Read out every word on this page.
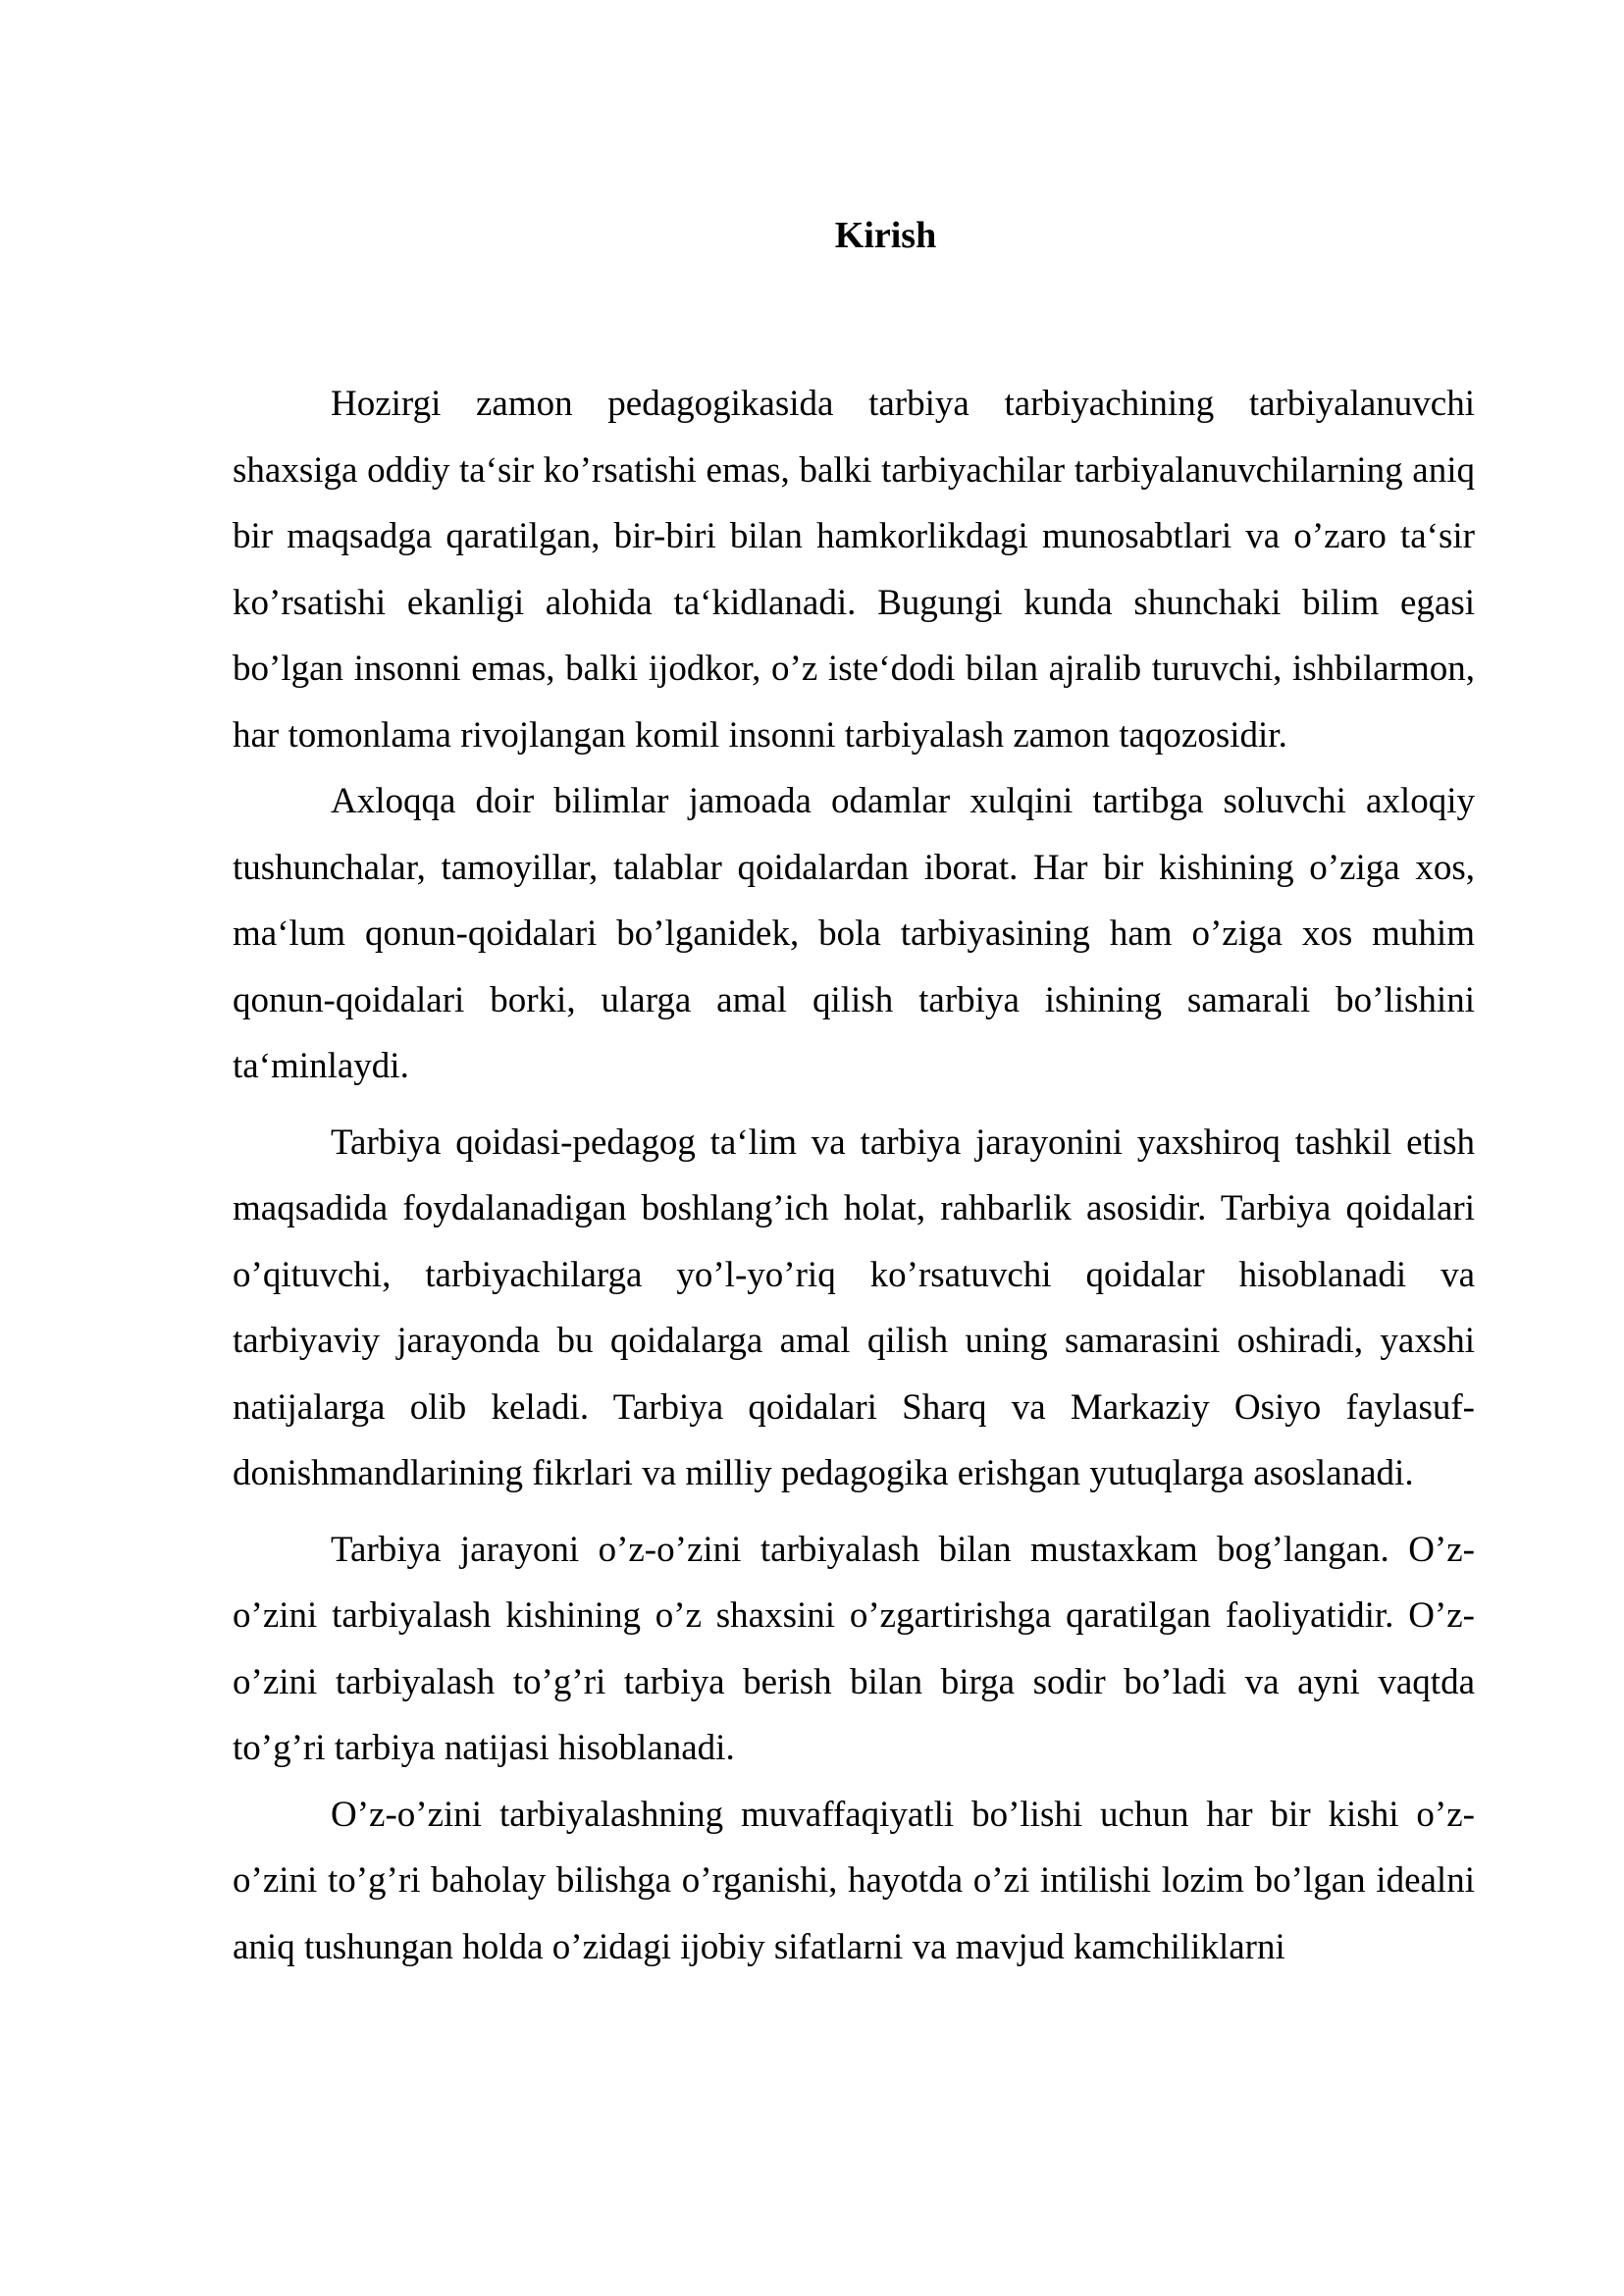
Kirish

Hozirgi zamon pedagogikasida tarbiya tarbiyachining tarbiyalanuvchi shaxsiga oddiy ta‘sir ko’rsatishi emas, balki tarbiyachilar tarbiyalanuvchilarning aniq bir maqsadga qaratilgan, bir-biri bilan hamkorlikdagi munosabtlari va o’zaro ta‘sir ko’rsatishi ekanligi alohida ta‘kidlanadi. Bugungi kunda shunchaki bilim egasi bo’lgan insonni emas, balki ijodkor, o’z iste‘dodi bilan ajralib turuvchi, ishbilarmon, har tomonlama rivojlangan komil insonni tarbiyalash zamon taqozosidir.

Axloqqa doir bilimlar jamoada odamlar xulqini tartibga soluvchi axloqiy tushunchalar, tamoyillar, talablar qoidalardan iborat. Har bir kishining o’ziga xos, ma‘lum qonun-qoidalari bo’lganidek, bola tarbiyasining ham o’ziga xos muhim qonun-qoidalari borki, ularga amal qilish tarbiya ishining samarali bo’lishini ta‘minlaydi.

Tarbiya qoidasi-pedagog ta‘lim va tarbiya jarayonini yaxshiroq tashkil etish maqsadida foydalanadigan boshlang’ich holat, rahbarlik asosidir. Tarbiya qoidalari o’qituvchi, tarbiyachilarga yo’l-yo’riq ko’rsatuvchi qoidalar hisoblanadi va tarbiyaviy jarayonda bu qoidalarga amal qilish uning samarasini oshiradi, yaxshi natijalarga olib keladi. Tarbiya qoidalari Sharq va Markaziy Osiyo faylasuf-donishmandlarining fikrlari va milliy pedagogika erishgan yutuqlarga asoslanadi.

Tarbiya jarayoni o’z-o’zini tarbiyalash bilan mustaxkam bog’langan. O’z-o’zini tarbiyalash kishining o’z shaxsini o’zgartirishga qaratilgan faoliyatidir. O’z-o’zini tarbiyalash to’g’ri tarbiya berish bilan birga sodir bo’ladi va ayni vaqtda to’g’ri tarbiya natijasi hisoblanadi.

O’z-o’zini tarbiyalashning muvaffaqiyatli bo’lishi uchun har bir kishi o’z-o’zini to’g’ri baholay bilishga o’rganishi, hayotda o’zi intilishi lozim bo’lgan idealni aniq tushungan holda o’zidagi ijobiy sifatlarni va mavjud kamchiliklarni
